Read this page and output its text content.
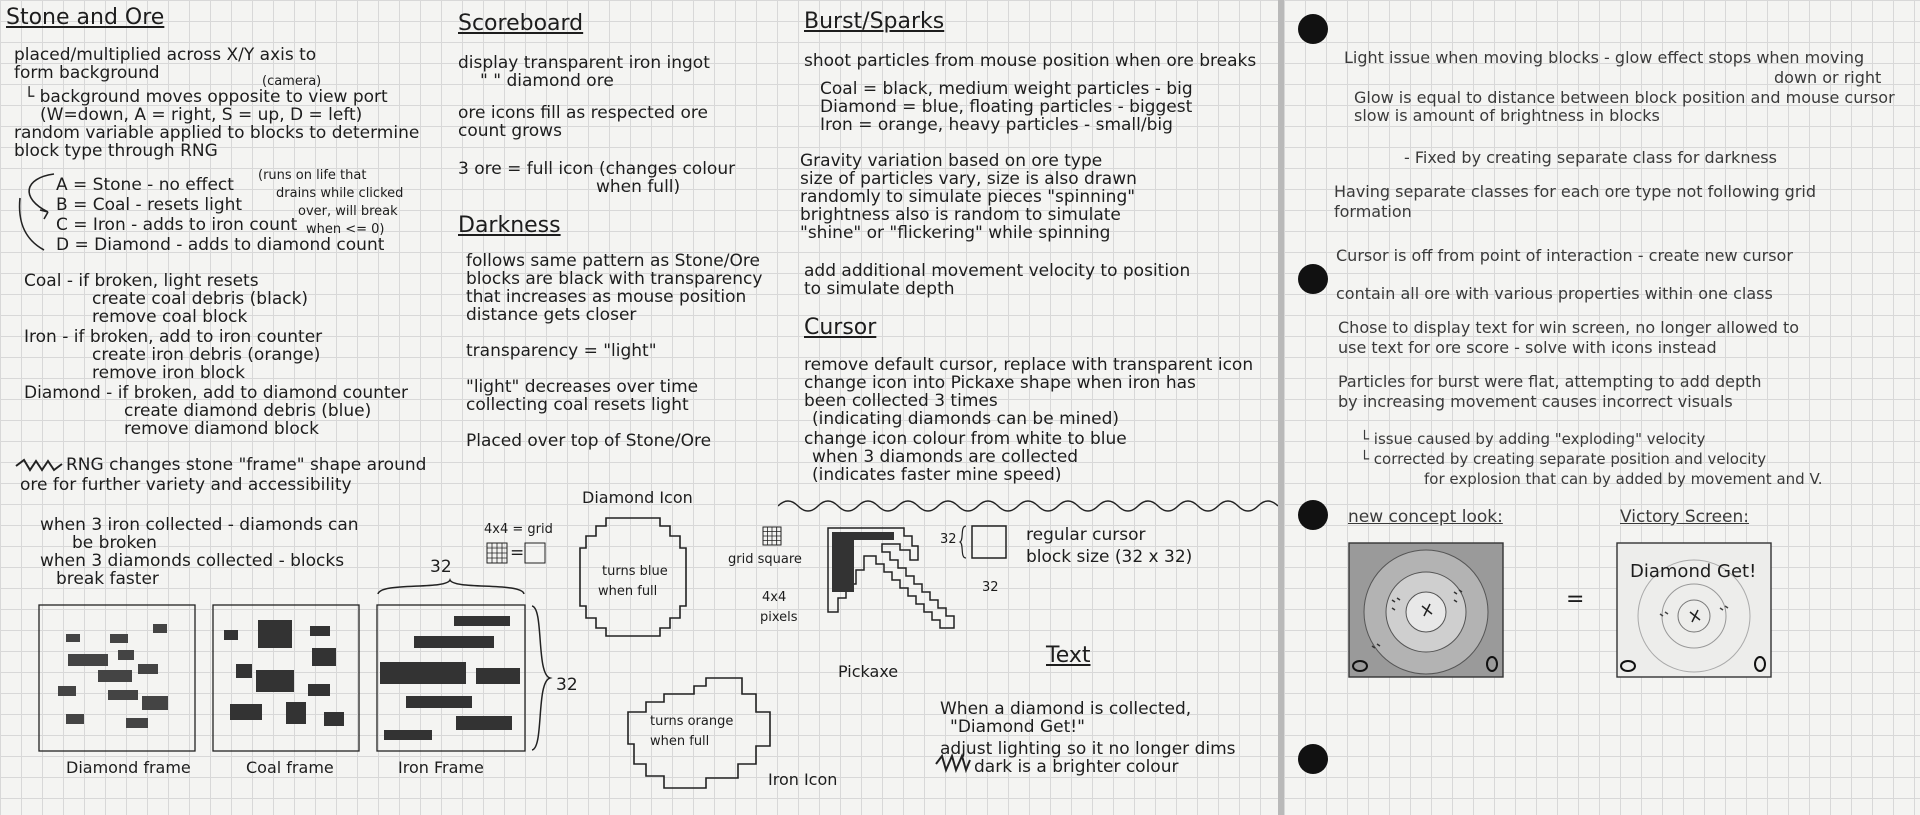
Stone and Ore
placed/multiplied across X/Y axis to
form background	(camera)
└ background moves opposite to view port
(W=down, A = right, S = up, D = left)
random variable applied to blocks to determine
block type through RNG
A = Stone - no effect
B = Coal - resets light
C = Iron - adds to iron count
D = Diamond - adds to diamond count
(runs on life that
drains while clicked
over, will break
when <= 0)
Coal - if broken, light resets
create coal debris (black)
remove coal block
Iron - if broken, add to iron counter
create iron debris (orange)
remove iron block
Diamond - if broken, add to diamond counter
create diamond debris (blue)
remove diamond block
RNG changes stone "frame" shape around
ore for further variety and accessibility
when 3 iron collected - diamonds can
be broken
when 3 diamonds collected - blocks
break faster
32
32
Diamond frame	Coal frame	Iron Frame
Scoreboard
display transparent iron ingot
" " diamond ore
ore icons fill as respected ore
count grows
3 ore = full icon (changes colour
when full)
Darkness
follows same pattern as Stone/Ore
blocks are black with transparency
that increases as mouse position
distance gets closer
transparency = "light"
"light" decreases over time
collecting coal resets light
Placed over top of Stone/Ore
4x4 = grid
=
Diamond Icon
turns blue
when full
turns orange
when full
Iron Icon
Burst/Sparks
shoot particles from mouse position when ore breaks
Coal = black, medium weight particles - big
Diamond = blue, floating particles - biggest
Iron = orange, heavy particles - small/big
Gravity variation based on ore type
size of particles vary, size is also drawn
randomly to simulate pieces "spinning"
brightness also is random to simulate
"shine" or "flickering" while spinning
add additional movement velocity to position
to simulate depth
Cursor
remove default cursor, replace with transparent icon
change icon into Pickaxe shape when iron has
been collected 3 times
(indicating diamonds can be mined)
change icon colour from white to blue
when 3 diamonds are collected
(indicates faster mine speed)
grid square
4x4
pixels
Pickaxe
32
32
regular cursor
block size (32 x 32)
Text
When a diamond is collected,
"Diamond Get!"
adjust lighting so it no longer dims
dark is a brighter colour
Light issue when moving blocks - glow effect stops when moving
down or right
Glow is equal to distance between block position and mouse cursor
slow is amount of brightness in blocks
- Fixed by creating separate class for darkness
Having separate classes for each ore type not following grid
formation
Cursor is off from point of interaction - create new cursor
contain all ore with various properties within one class
Chose to display text for win screen, no longer allowed to
use text for ore score - solve with icons instead
Particles for burst were flat, attempting to add depth
by increasing movement causes incorrect visuals
└ issue caused by adding "exploding" velocity
└ corrected by creating separate position and velocity
for explosion that can by added by movement and V.
new concept look:
=
Victory Screen:
Diamond Get!
